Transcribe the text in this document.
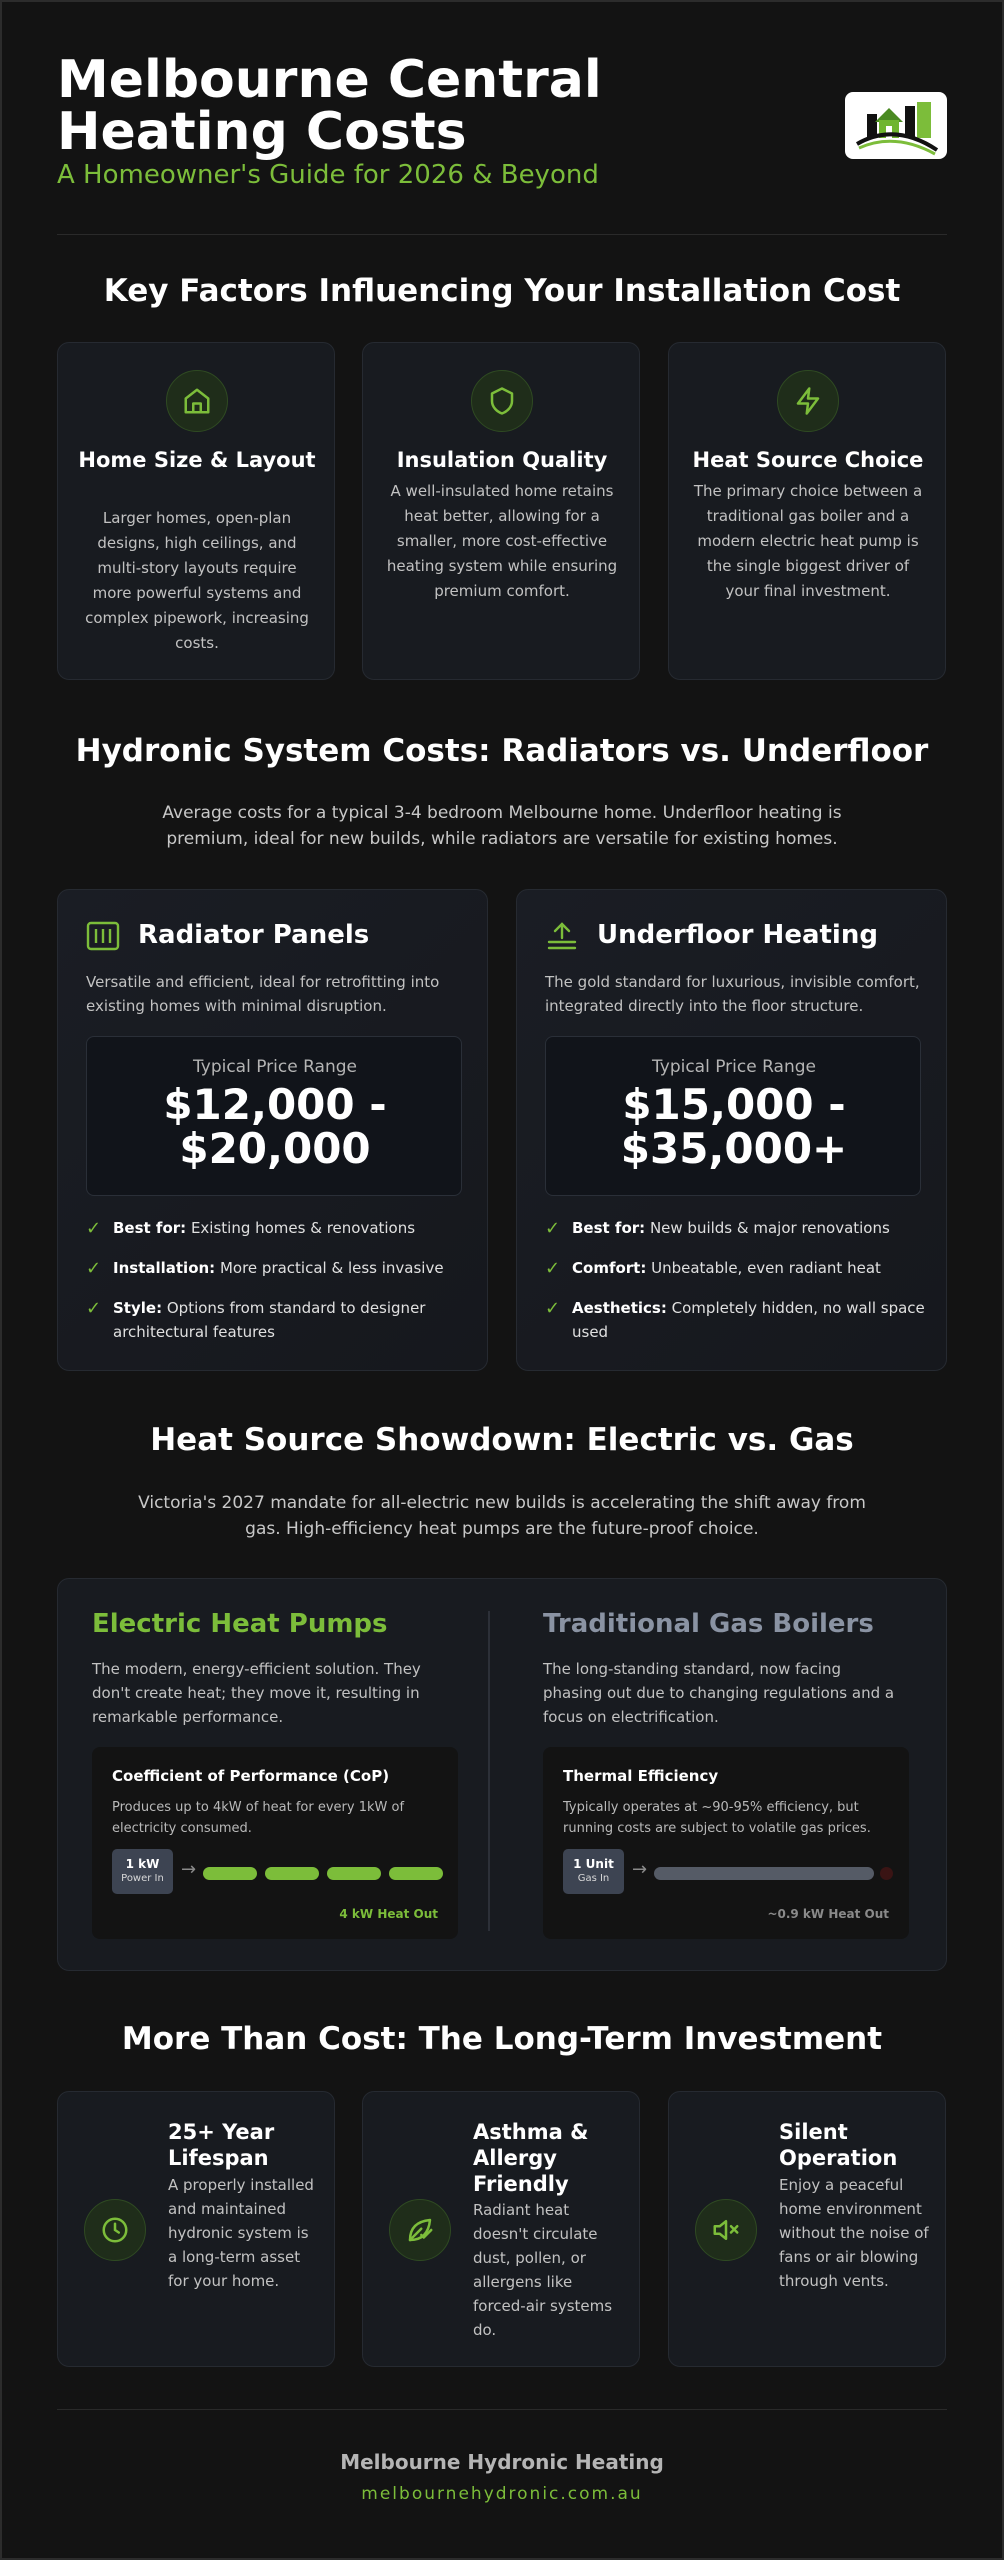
Melbourne Central Heating Costs
A Homeowner's Guide for 2026 & Beyond
Key Factors Influencing Your Installation Cost
Home Size & Layout
Larger homes, open-plan designs, high ceilings, and multi-story layouts require more powerful systems and complex pipework, increasing costs.
Insulation Quality
A well-insulated home retains heat better, allowing for a smaller, more cost-effective heating system while ensuring premium comfort.
Heat Source Choice
The primary choice between a traditional gas boiler and a modern electric heat pump is the single biggest driver of your final investment.
Hydronic System Costs: Radiators vs. Underfloor

Average costs for a typical 3-4 bedroom Melbourne home. Underfloor heating is premium, ideal for new builds, while radiators are versatile for existing homes.

Radiator Panels
Versatile and efficient, ideal for retrofitting into existing homes with minimal disruption.
Typical Price Range
$12,000 -
$20,000
✓ Best for: Existing homes & renovations
✓ Installation: More practical & less invasive
✓ Style: Options from standard to designer architectural features
Underfloor Heating
The gold standard for luxurious, invisible comfort, integrated directly into the floor structure.
Typical Price Range
$15,000 -
$35,000+
✓ Best for: New builds & major renovations
✓ Comfort: Unbeatable, even radiant heat
✓ Aesthetics: Completely hidden, no wall space used
Heat Source Showdown: Electric vs. Gas

Victoria's 2027 mandate for all-electric new builds is accelerating the shift away from gas. High-efficiency heat pumps are the future-proof choice.

Electric Heat Pumps
The modern, energy-efficient solution. They don't create heat; they move it, resulting in remarkable performance.
Coefficient of Performance (CoP)
Produces up to 4kW of heat for every 1kW of electricity consumed.
1 kW
Power In →
4 kW Heat Out
Traditional Gas Boilers
The long-standing standard, now facing phasing out due to changing regulations and a focus on electrification.
Thermal Efficiency
Typically operates at ~90-95% efficiency, but running costs are subject to volatile gas prices.
1 Unit
Gas In	→
~0.9 kW Heat Out
More Than Cost: The Long-Term Investment
25+ Year Lifespan
A properly installed and maintained hydronic system is a long-term asset for your home.
Asthma & Allergy Friendly
Radiant heat doesn't circulate dust, pollen, or allergens like forced-air systems do.
Silent Operation
Enjoy a peaceful home environment without the noise of fans or air blowing through vents.
Melbourne Hydronic Heating
melbournehydronic.com.au
